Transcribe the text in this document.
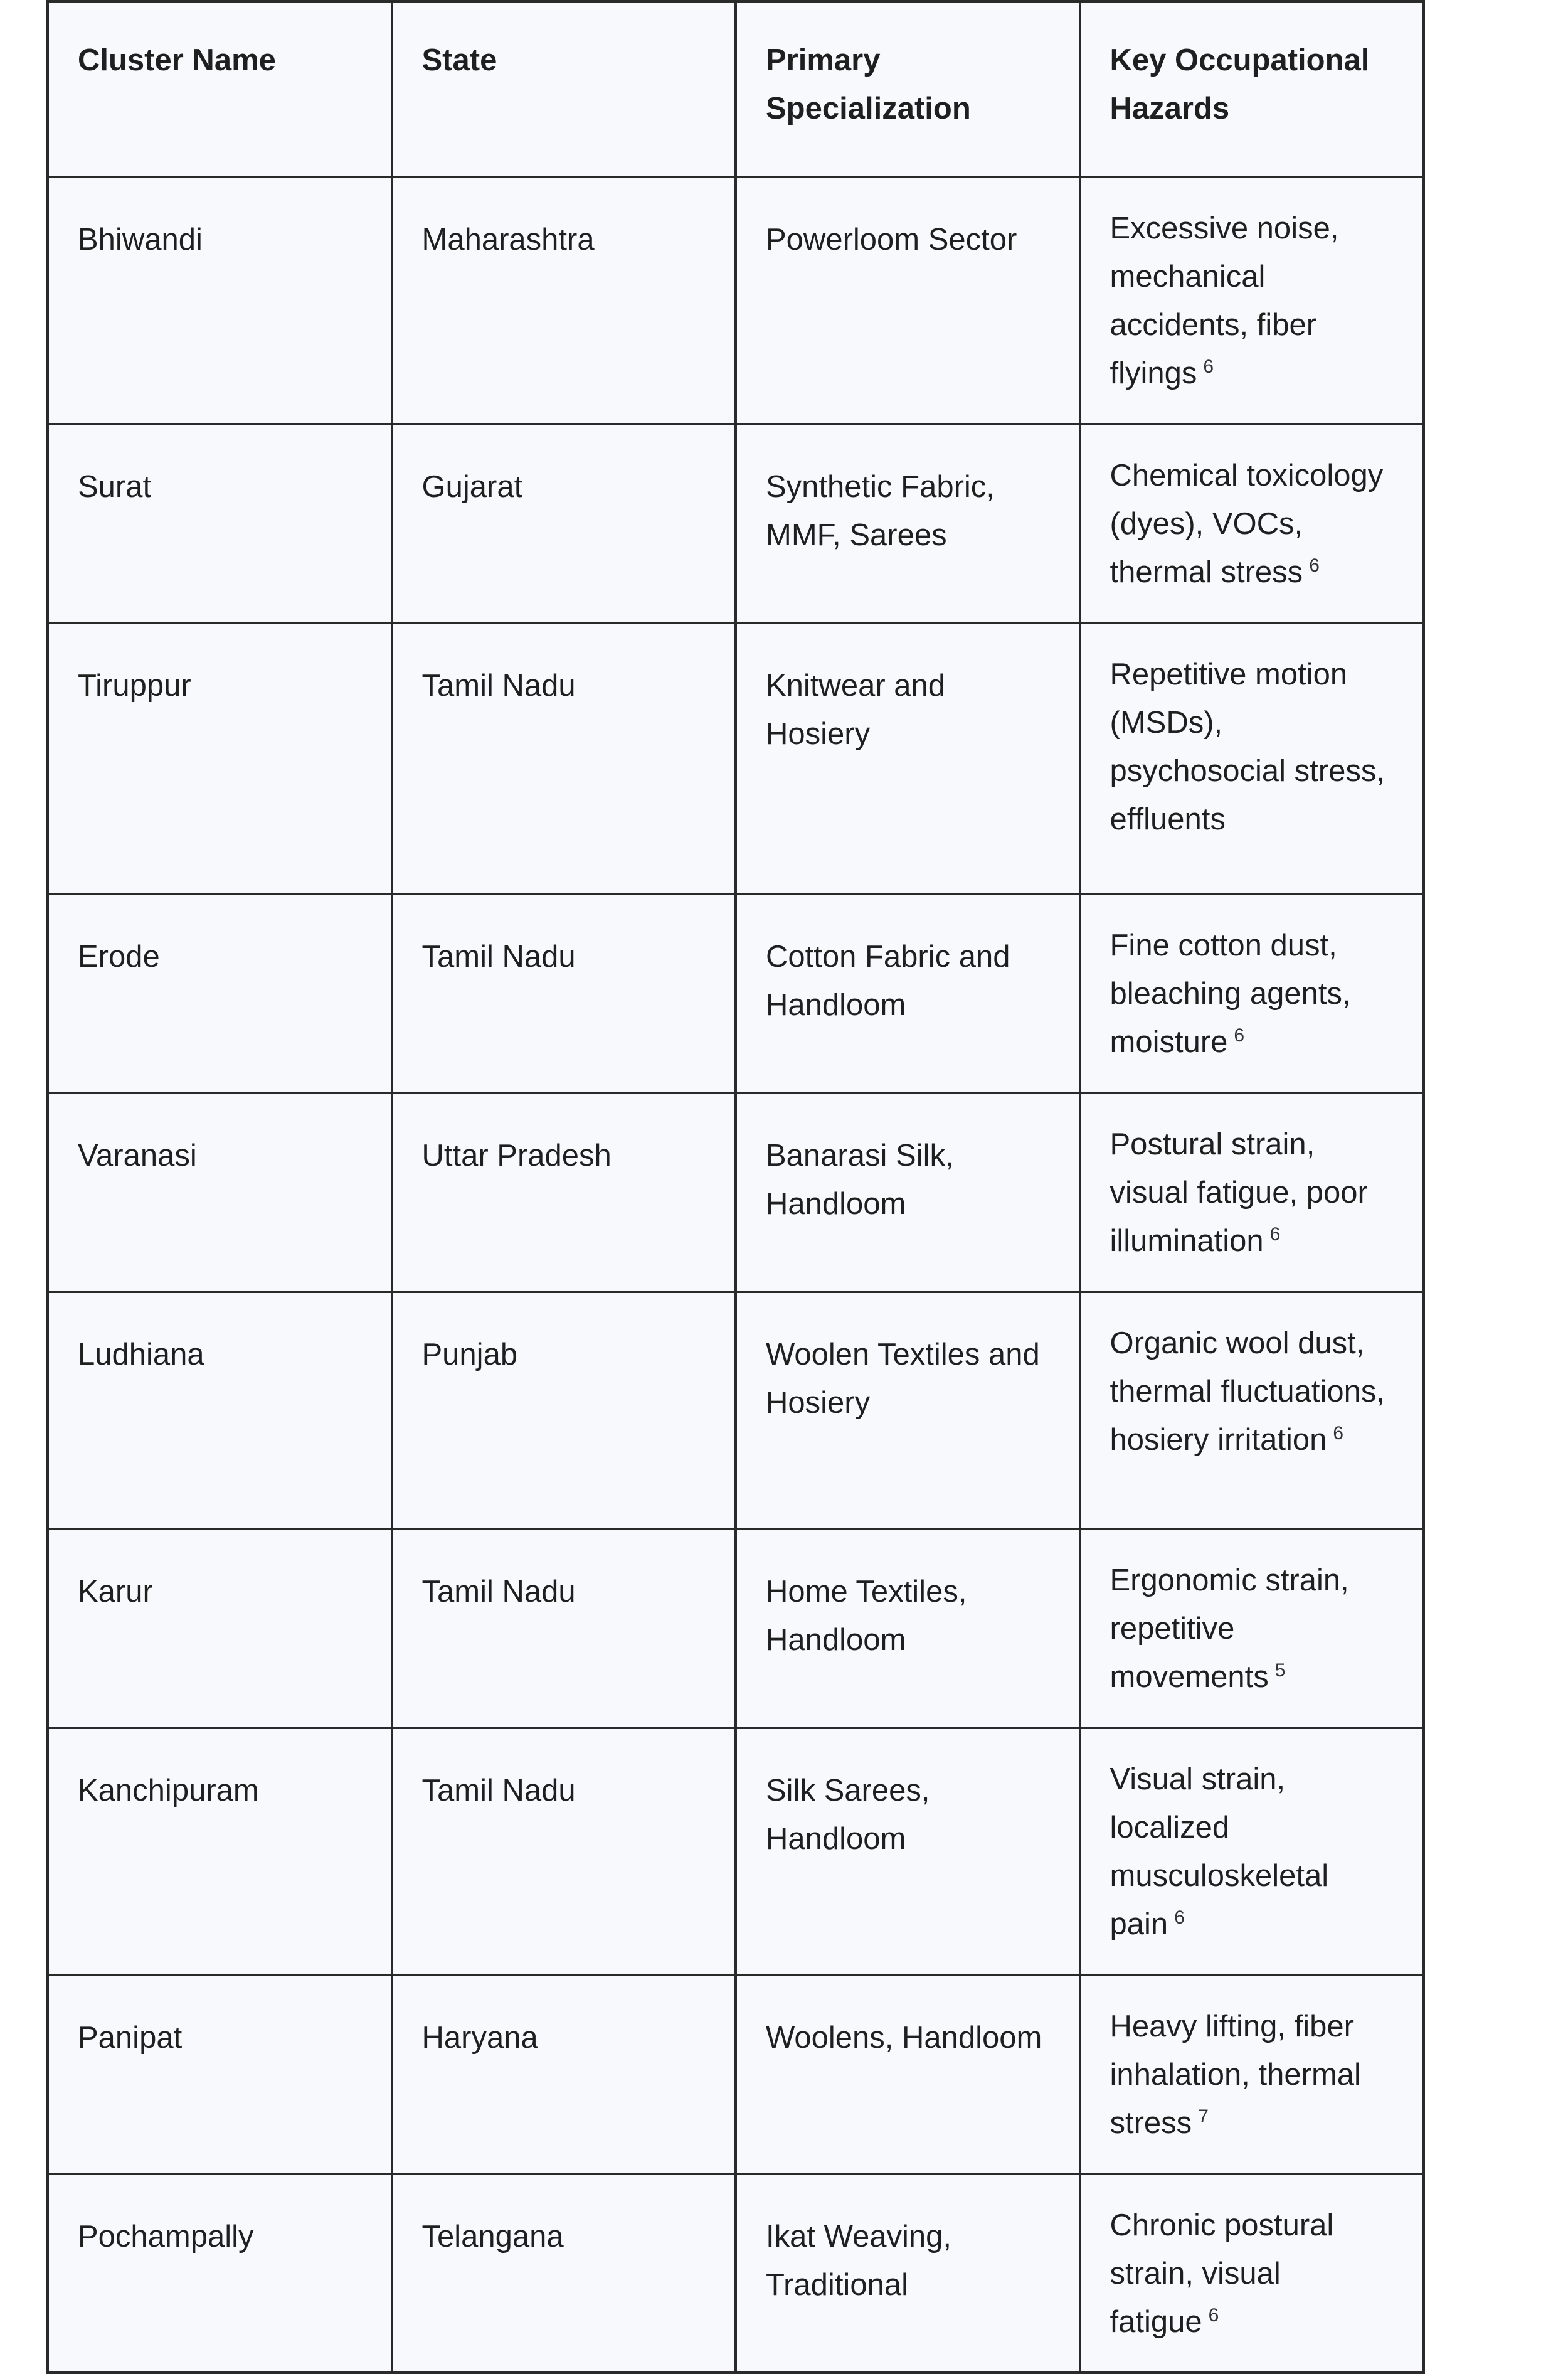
Cluster Name	State	Primary Specialization	Key Occupational Hazards
Bhiwandi	Maharashtra	Powerloom Sector	Excessive noise, mechanical accidents, fiber flyings $^6$
Surat	Gujarat	Synthetic Fabric, MMF, Sarees	Chemical toxicology (dyes), VOCs, thermal stress $^6$
Tiruppur	Tamil Nadu	Knitwear and Hosiery	Repetitive motion (MSDs), psychosocial stress, effluents
Erode	Tamil Nadu	Cotton Fabric and Handloom	Fine cotton dust, bleaching agents, moisture $^6$
Varanasi	Uttar Pradesh	Banarasi Silk, Handloom	Postural strain, visual fatigue, poor illumination $^6$
Ludhiana	Punjab	Woolen Textiles and Hosiery	Organic wool dust, thermal fluctuations, hosiery irritation $^6$
Karur	Tamil Nadu	Home Textiles, Handloom	Ergonomic strain, repetitive movements $^5$
Kanchipuram	Tamil Nadu	Silk Sarees, Handloom	Visual strain, localized musculoskeletal pain $^6$
Panipat	Haryana	Woolens, Handloom	Heavy lifting, fiber inhalation, thermal stress $^7$
Pochampally	Telangana	Ikat Weaving, Traditional	Chronic postural strain, visual fatigue $^6$
